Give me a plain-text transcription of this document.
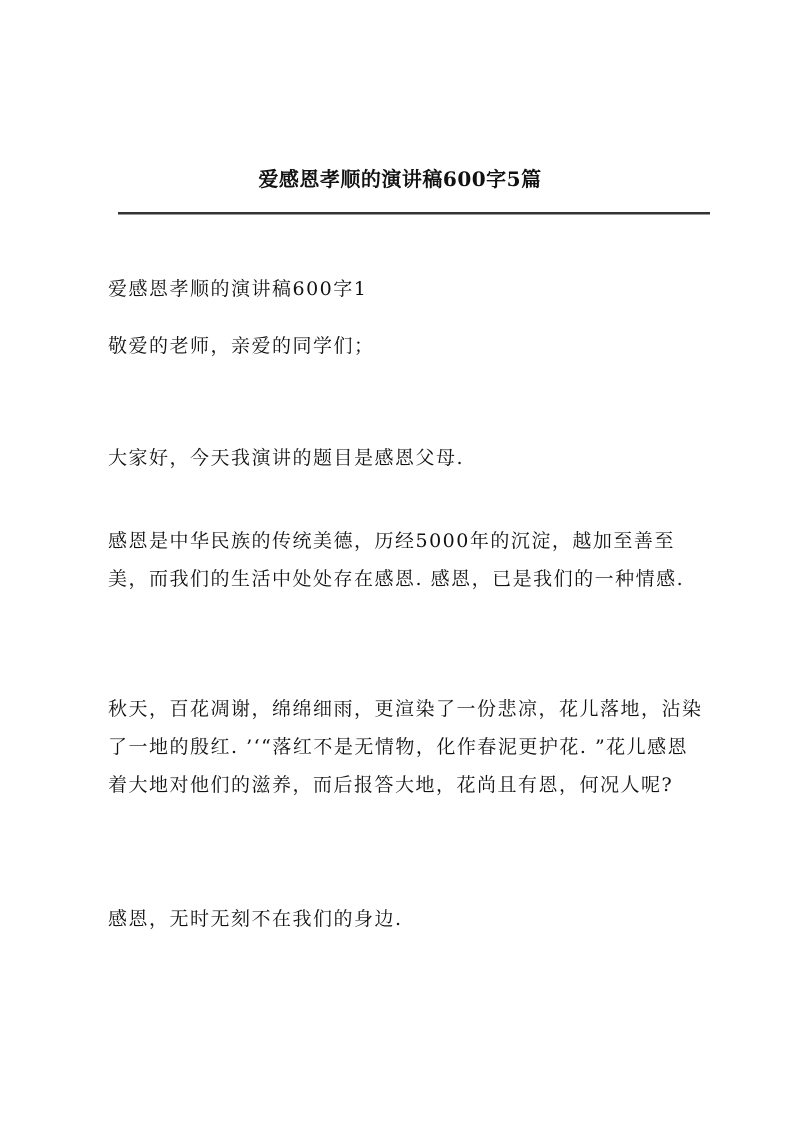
爱感恩孝顺的演讲稿600字5篇

爱感恩孝顺的演讲稿600字1

敬爱的老师，亲爱的同学们；

大家好，今天我演讲的题目是感恩父母.

感恩是中华民族的传统美德，历经5000年的沉淀，越加至善至美，而我们的生活中处处存在感恩. 感恩，已是我们的一种情感.

秋天，百花凋谢，绵绵细雨，更渲染了一份悲凉，花儿落地，沾染了一地的殷红. ’‘“落红不是无情物，化作春泥更护花. ”花儿感恩着大地对他们的滋养，而后报答大地，花尚且有恩，何况人呢?

感恩，无时无刻不在我们的身边.
